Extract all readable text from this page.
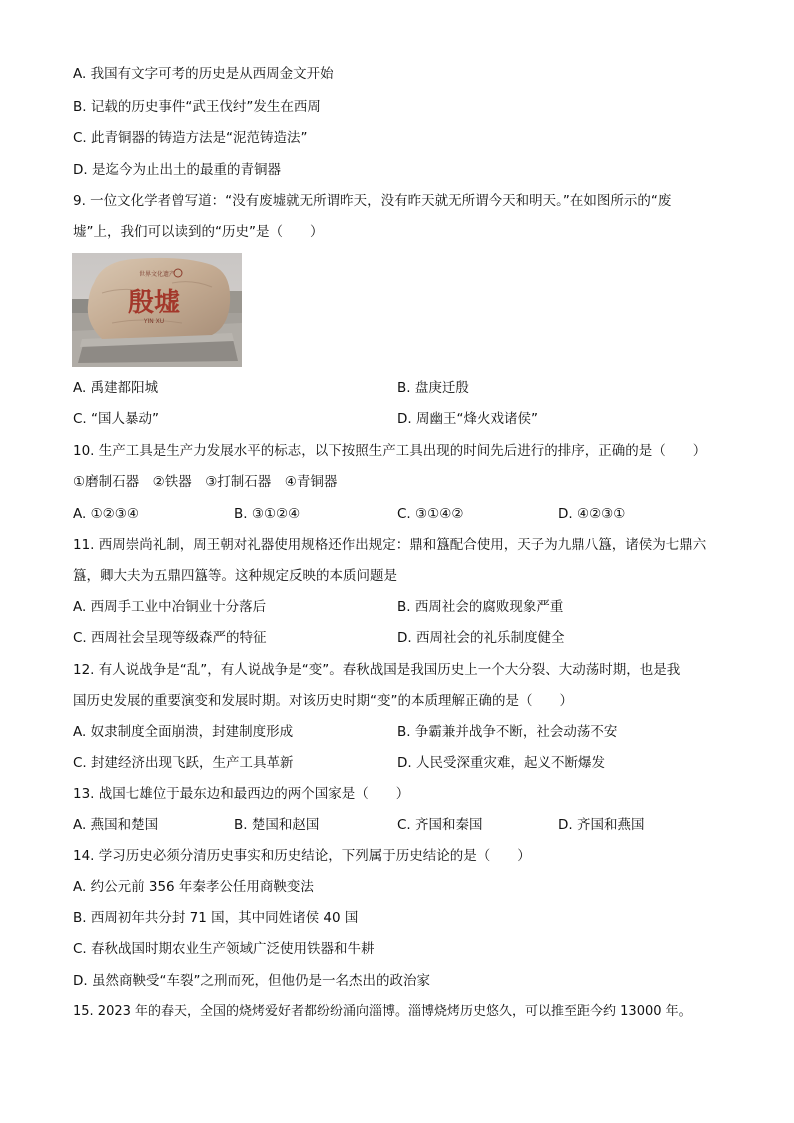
A. 我国有文字可考的历史是从西周金文开始
B. 记载的历史事件“武王伐纣”发生在西周
C. 此青铜器的铸造方法是“泥范铸造法”
D. 是迄今为止出土的最重的青铜器
9. 一位文化学者曾写道：“没有废墟就无所谓昨天，没有昨天就无所谓今天和明天。”在如图所示的“废
墟”上，我们可以读到的“历史”是（　　）
世界文化遗产
殷墟
YIN XU
A. 禹建都阳城	B. 盘庚迁殷
C. “国人暴动”	D. 周幽王“烽火戏诸侯”
10. 生产工具是生产力发展水平的标志，以下按照生产工具出现的时间先后进行的排序，正确的是（　　）
①磨制石器　②铁器　③打制石器　④青铜器
A. ①②③④	B. ③①②④	C. ③①④②	D. ④②③①
11. 西周崇尚礼制，周王朝对礼器使用规格还作出规定：鼎和簋配合使用，天子为九鼎八簋，诸侯为七鼎六
簋，卿大夫为五鼎四簋等。这种规定反映的本质问题是
A. 西周手工业中冶铜业十分落后	B. 西周社会的腐败现象严重
C. 西周社会呈现等级森严的特征	D. 西周社会的礼乐制度健全
12. 有人说战争是“乱”，有人说战争是“变”。春秋战国是我国历史上一个大分裂、大动荡时期，也是我
国历史发展的重要演变和发展时期。对该历史时期“变”的本质理解正确的是（　　）
A. 奴隶制度全面崩溃，封建制度形成	B. 争霸兼并战争不断，社会动荡不安
C. 封建经济出现飞跃，生产工具革新	D. 人民受深重灾难，起义不断爆发
13. 战国七雄位于最东边和最西边的两个国家是（　　）
A. 燕国和楚国	B. 楚国和赵国	C. 齐国和秦国	D. 齐国和燕国
14. 学习历史必须分清历史事实和历史结论，下列属于历史结论的是（　　）
A. 约公元前 356 年秦孝公任用商鞅变法
B. 西周初年共分封 71 国，其中同姓诸侯 40 国
C. 春秋战国时期农业生产领域广泛使用铁器和牛耕
D. 虽然商鞅受“车裂”之刑而死，但他仍是一名杰出的政治家
15. 2023 年的春天，全国的烧烤爱好者都纷纷涌向淄博。淄博烧烤历史悠久，可以推至距今约 13000 年。
